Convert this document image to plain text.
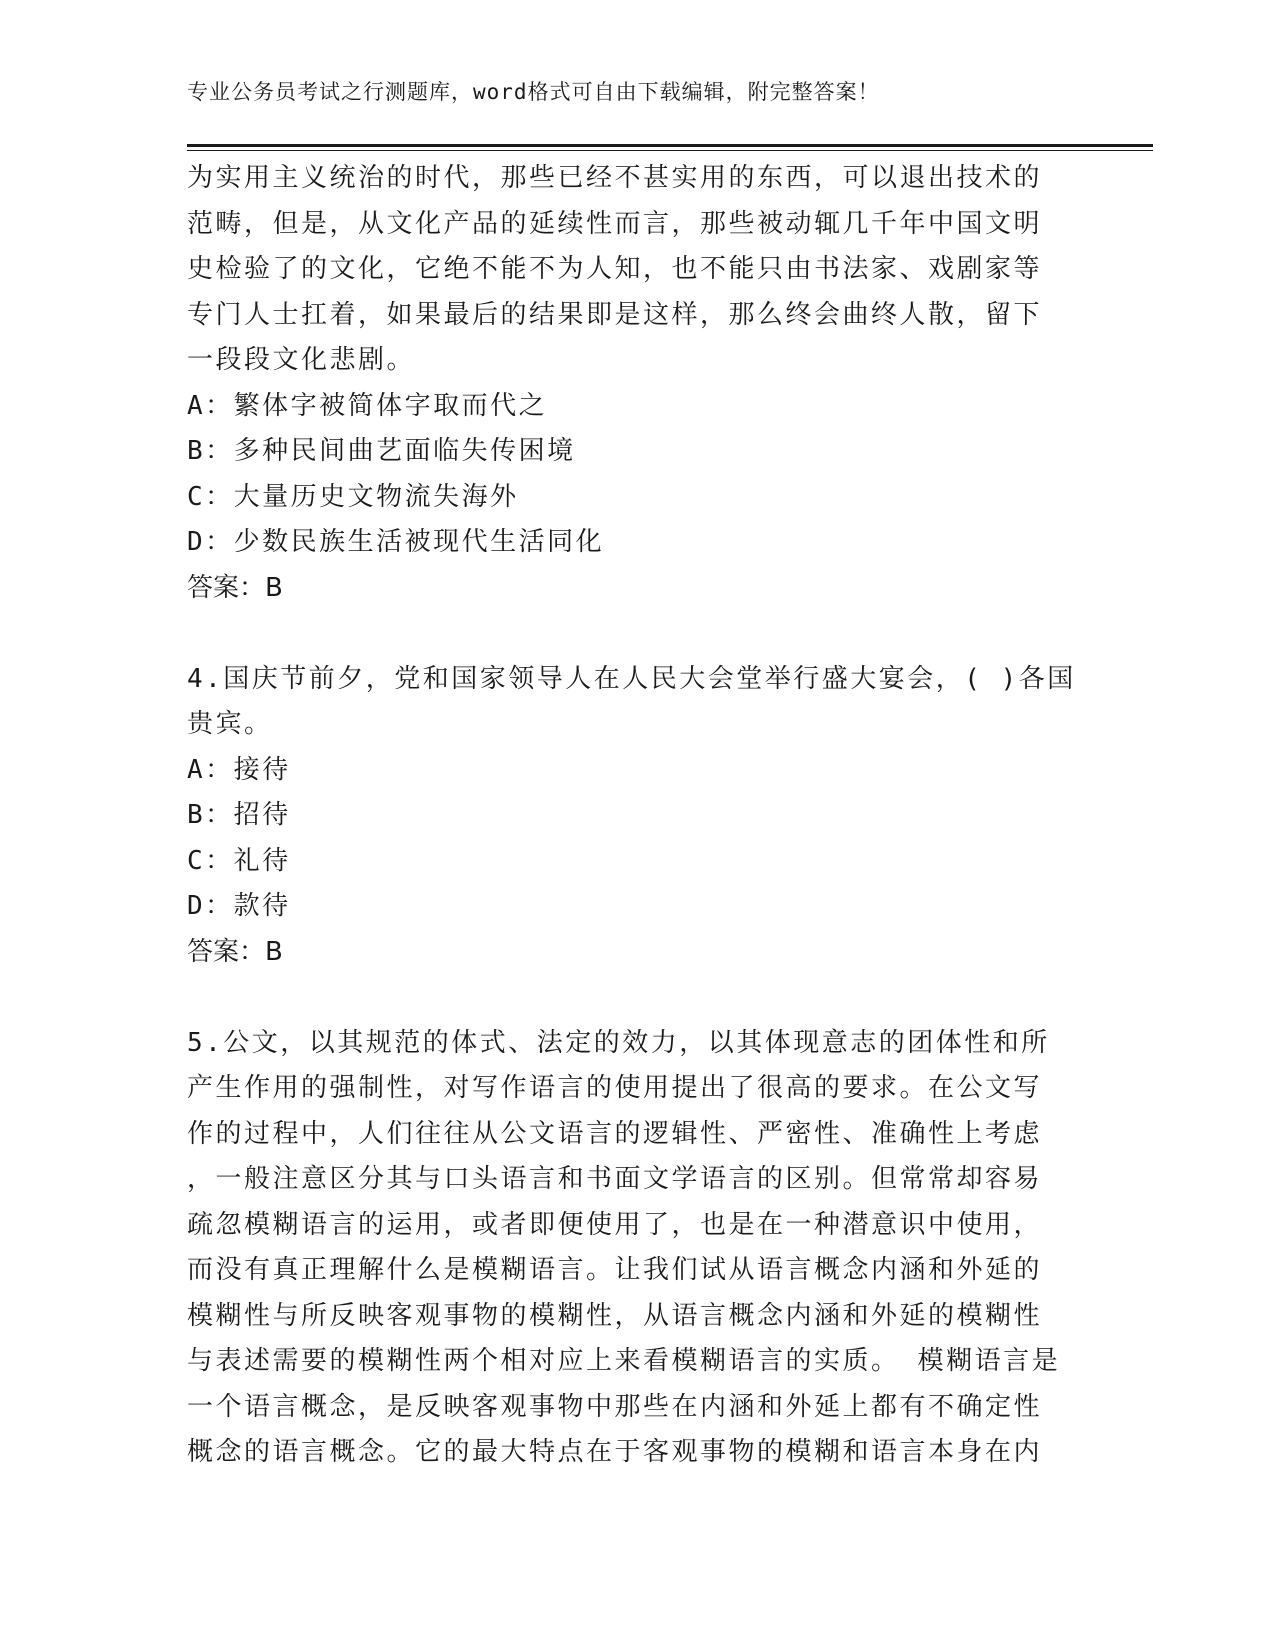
专业公务员考试之行测题库，word格式可自由下载编辑，附完整答案！
为实用主义统治的时代，那些已经不甚实用的东西，可以退出技术的
范畴，但是，从文化产品的延续性而言，那些被动辄几千年中国文明
史检验了的文化，它绝不能不为人知，也不能只由书法家、戏剧家等
专门人士扛着，如果最后的结果即是这样，那么终会曲终人散，留下
一段段文化悲剧。
A：繁体字被简体字取而代之
B：多种民间曲艺面临失传困境
C：大量历史文物流失海外
D：少数民族生活被现代生活同化
答案：B
4.国庆节前夕，党和国家领导人在人民大会堂举行盛大宴会，( )各国
贵宾。
A：接待
B：招待
C：礼待
D：款待
答案：B
5.公文，以其规范的体式、法定的效力，以其体现意志的团体性和所
产生作用的强制性，对写作语言的使用提出了很高的要求。在公文写
作的过程中，人们往往从公文语言的逻辑性、严密性、准确性上考虑
，一般注意区分其与口头语言和书面文学语言的区别。但常常却容易
疏忽模糊语言的运用，或者即便使用了，也是在一种潜意识中使用，
而没有真正理解什么是模糊语言。让我们试从语言概念内涵和外延的
模糊性与所反映客观事物的模糊性，从语言概念内涵和外延的模糊性
与表述需要的模糊性两个相对应上来看模糊语言的实质。 模糊语言是
一个语言概念，是反映客观事物中那些在内涵和外延上都有不确定性
概念的语言概念。它的最大特点在于客观事物的模糊和语言本身在内
